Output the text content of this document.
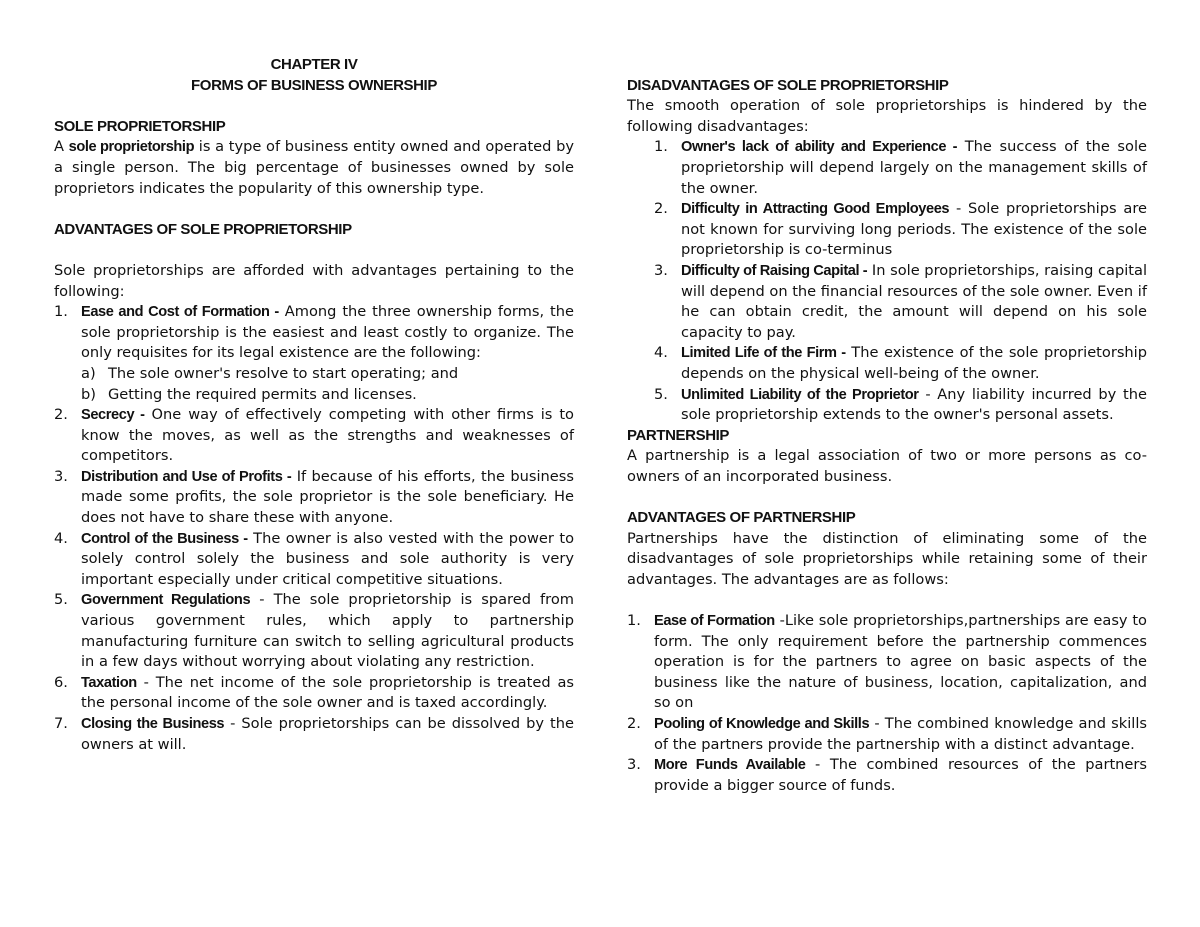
CHAPTER IV
FORMS OF BUSINESS OWNERSHIP
SOLE PROPRIETORSHIP
A sole proprietorship is a type of business entity owned and operated by a single person. The big percentage of businesses owned by sole proprietors indicates the popularity of this ownership type.
ADVANTAGES OF SOLE PROPRIETORSHIP
Sole proprietorships are afforded with advantages pertaining to the following:
1. Ease and Cost of Formation - Among the three ownership forms, the sole proprietorship is the easiest and least costly to organize. The only requisites for its legal existence are the following:
a) The sole owner's resolve to start operating; and
b) Getting the required permits and licenses.
2. Secrecy - One way of effectively competing with other firms is to know the moves, as well as the strengths and weaknesses of competitors.
3. Distribution and Use of Profits - If because of his efforts, the business made some profits, the sole proprietor is the sole beneficiary. He does not have to share these with anyone.
4. Control of the Business - The owner is also vested with the power to solely control solely the business and sole authority is very important especially under critical competitive situations.
5. Government Regulations - The sole proprietorship is spared from various government rules, which apply to partnership manufacturing furniture can switch to selling agricultural products in a few days without worrying about violating any restriction.
6. Taxation - The net income of the sole proprietorship is treated as the personal income of the sole owner and is taxed accordingly.
7. Closing the Business - Sole proprietorships can be dissolved by the owners at will.
DISADVANTAGES OF SOLE PROPRIETORSHIP
The smooth operation of sole proprietorships is hindered by the following disadvantages:
1. Owner's lack of ability and Experience - The success of the sole proprietorship will depend largely on the management skills of the owner.
2. Difficulty in Attracting Good Employees - Sole proprietorships are not known for surviving long periods. The existence of the sole proprietorship is co-terminus
3. Difficulty of Raising Capital - In sole proprietorships, raising capital will depend on the financial resources of the sole owner. Even if he can obtain credit, the amount will depend on his sole capacity to pay.
4. Limited Life of the Firm - The existence of the sole proprietorship depends on the physical well-being of the owner.
5. Unlimited Liability of the Proprietor - Any liability incurred by the sole proprietorship extends to the owner's personal assets.
PARTNERSHIP
A partnership is a legal association of two or more persons as co-owners of an incorporated business.
ADVANTAGES OF PARTNERSHIP
Partnerships have the distinction of eliminating some of the disadvantages of sole proprietorships while retaining some of their advantages. The advantages are as follows:
1. Ease of Formation -Like sole proprietorships,partnerships are easy to form. The only requirement before the partnership commences operation is for the partners to agree on basic aspects of the business like the nature of business, location, capitalization, and so on
2. Pooling of Knowledge and Skills - The combined knowledge and skills of the partners provide the partnership with a distinct advantage.
3. More Funds Available - The combined resources of the partners provide a bigger source of funds.
